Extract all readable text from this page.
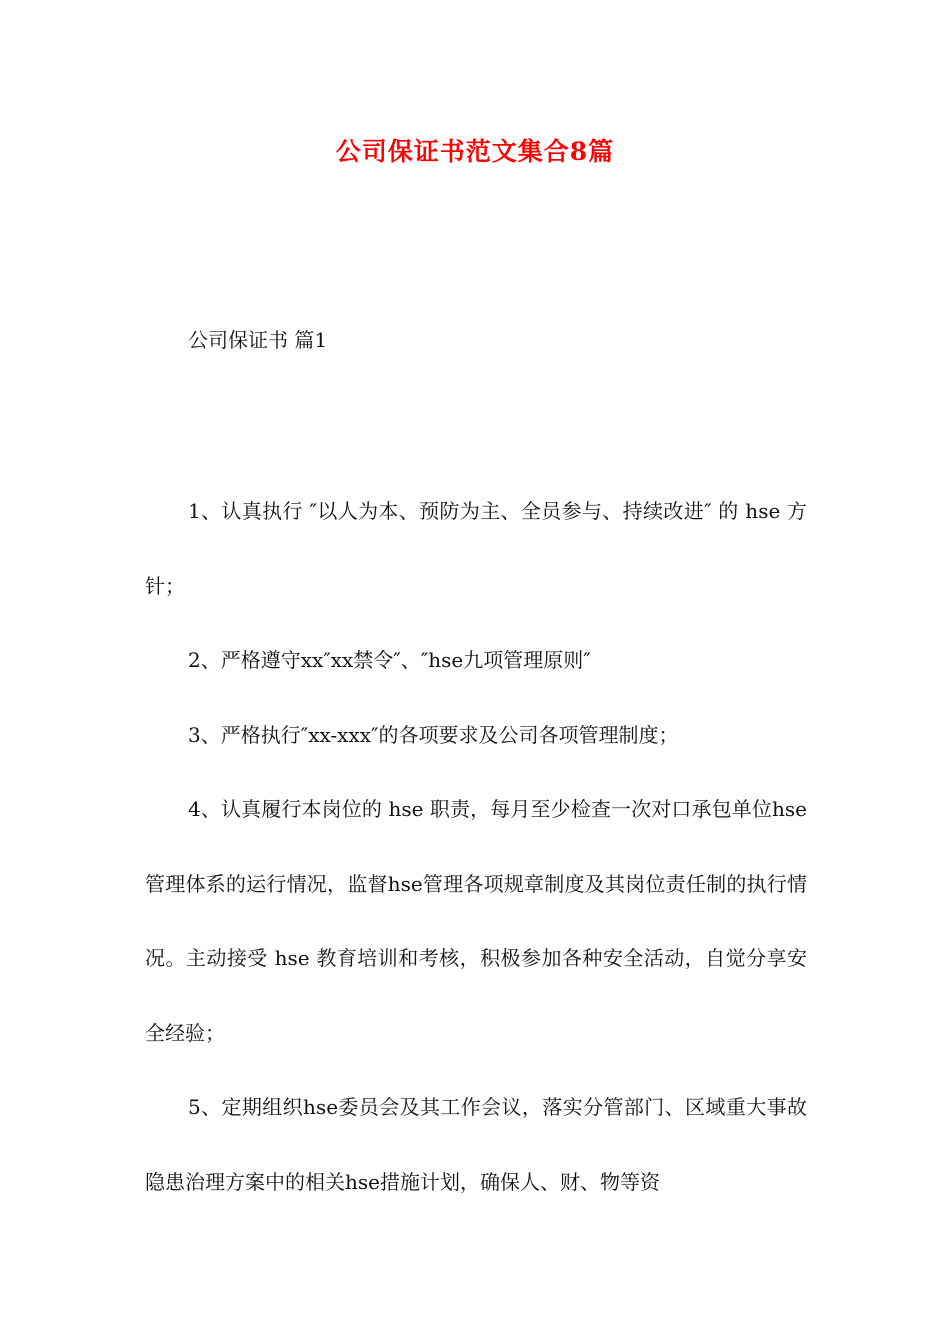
公司保证书范文集合8篇
公司保证书 篇1

1、认真执行 ″以人为本、预防为主、全员参与、持续改进″ 的 hse 方针；

2、严格遵守xx″xx禁令″、″hse九项管理原则″

3、严格执行″xx-xxx″的各项要求及公司各项管理制度；

4、认真履行本岗位的 hse 职责，每月至少检查一次对口承包单位hse管理体系的运行情况，监督hse管理各项规章制度及其岗位责任制的执行情况。主动接受 hse 教育培训和考核，积极参加各种安全活动，自觉分享安全经验；

5、定期组织hse委员会及其工作会议，落实分管部门、区域重大事故隐患治理方案中的相关hse措施计划，确保人、财、物等资
